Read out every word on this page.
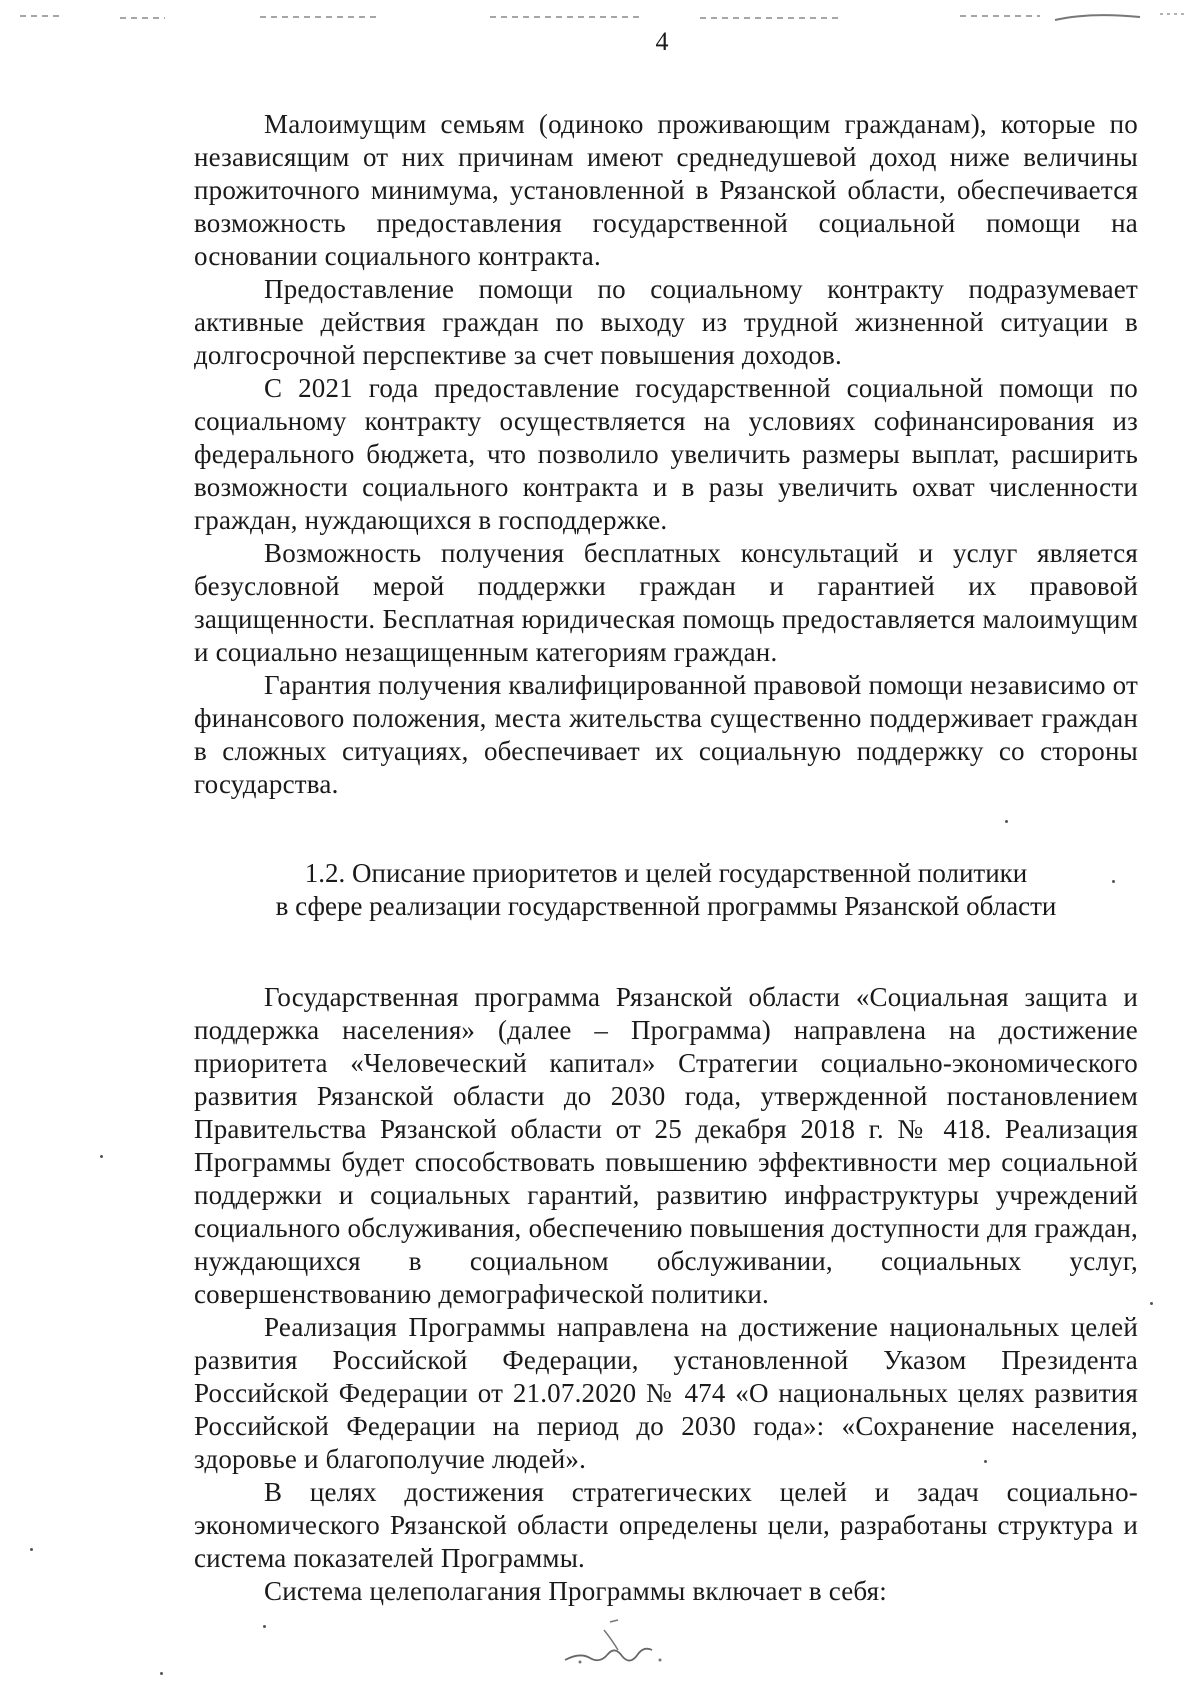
4

Малоимущим семьям (одиноко проживающим гражданам), которые по независящим от них причинам имеют среднедушевой доход ниже величины прожиточного минимума, установленной в Рязанской области, обеспечивается возможность предоставления государственной социальной помощи на основании социального контракта.

Предоставление помощи по социальному контракту подразумевает активные действия граждан по выходу из трудной жизненной ситуации в долгосрочной перспективе за счет повышения доходов.

С 2021 года предоставление государственной социальной помощи по социальному контракту осуществляется на условиях софинансирования из федерального бюджета, что позволило увеличить размеры выплат, расширить возможности социального контракта и в разы увеличить охват численности граждан, нуждающихся в господдержке.

Возможность получения бесплатных консультаций и услуг является безусловной мерой поддержки граждан и гарантией их правовой защищенности. Бесплатная юридическая помощь предоставляется малоимущим и социально незащищенным категориям граждан.

Гарантия получения квалифицированной правовой помощи независимо от финансового положения, места жительства существенно поддерживает граждан в сложных ситуациях, обеспечивает их социальную поддержку со стороны государства.

1.2. Описание приоритетов и целей государственной политики
в сфере реализации государственной программы Рязанской области

Государственная программа Рязанской области «Социальная защита и поддержка населения» (далее – Программа) направлена на достижение приоритета «Человеческий капитал» Стратегии социально-экономического развития Рязанской области до 2030 года, утвержденной постановлением Правительства Рязанской области от 25 декабря 2018 г. № 418. Реализация Программы будет способствовать повышению эффективности мер социальной поддержки и социальных гарантий, развитию инфраструктуры учреждений социального обслуживания, обеспечению повышения доступности для граждан, нуждающихся в социальном обслуживании, социальных услуг, совершенствованию демографической политики.

Реализация Программы направлена на достижение национальных целей развития Российской Федерации, установленной Указом Президента Российской Федерации от 21.07.2020 № 474 «О национальных целях развития Российской Федерации на период до 2030 года»: «Сохранение населения, здоровье и благополучие людей».

В целях достижения стратегических целей и задач социально-экономического Рязанской области определены цели, разработаны структура и система показателей Программы.

Система целеполагания Программы включает в себя:
